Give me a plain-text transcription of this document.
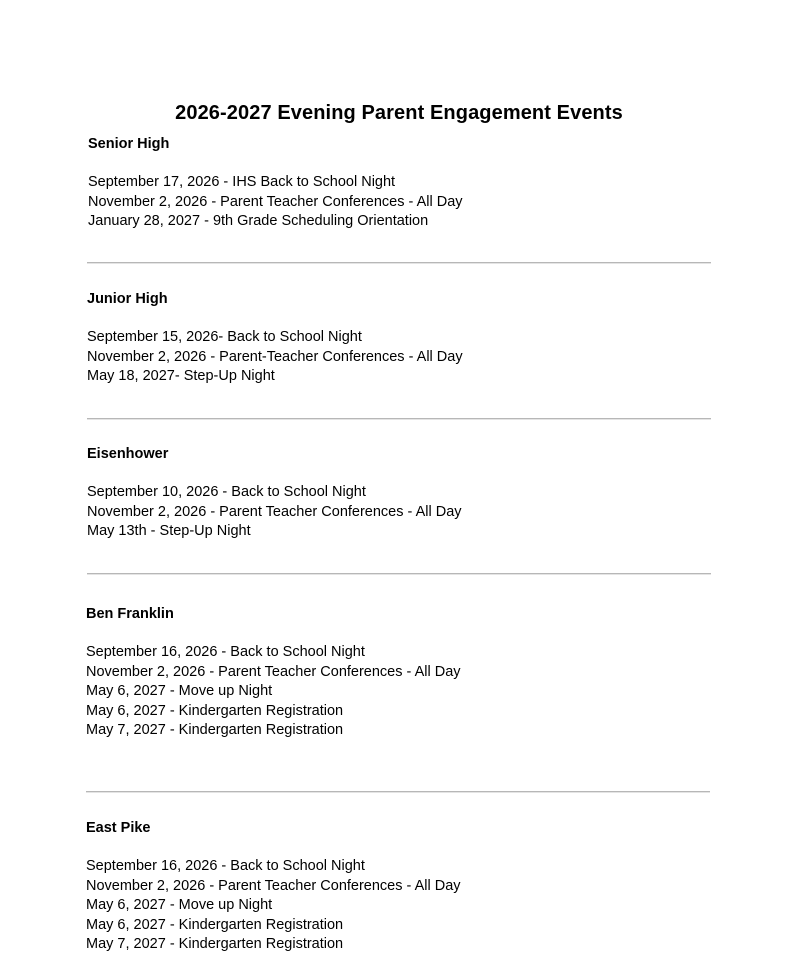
2026-2027 Evening Parent Engagement Events
Senior High
September 17, 2026 - IHS Back to School Night
November 2, 2026 - Parent Teacher Conferences - All Day
January 28, 2027 - 9th Grade Scheduling Orientation
Junior High
September 15, 2026- Back to School Night
November 2, 2026 - Parent-Teacher Conferences - All Day
May 18, 2027- Step-Up Night
Eisenhower
September 10, 2026 - Back to School Night
November 2, 2026 - Parent Teacher Conferences - All Day
May 13th - Step-Up Night
Ben Franklin
September 16, 2026 - Back to School Night
November 2, 2026 - Parent Teacher Conferences - All Day
May 6, 2027 - Move up Night
May 6, 2027 - Kindergarten Registration
May 7, 2027 - Kindergarten Registration
East Pike
September 16, 2026 - Back to School Night
November 2, 2026 - Parent Teacher Conferences - All Day
May 6, 2027 - Move up Night
May 6, 2027 - Kindergarten Registration
May 7, 2027 - Kindergarten Registration
